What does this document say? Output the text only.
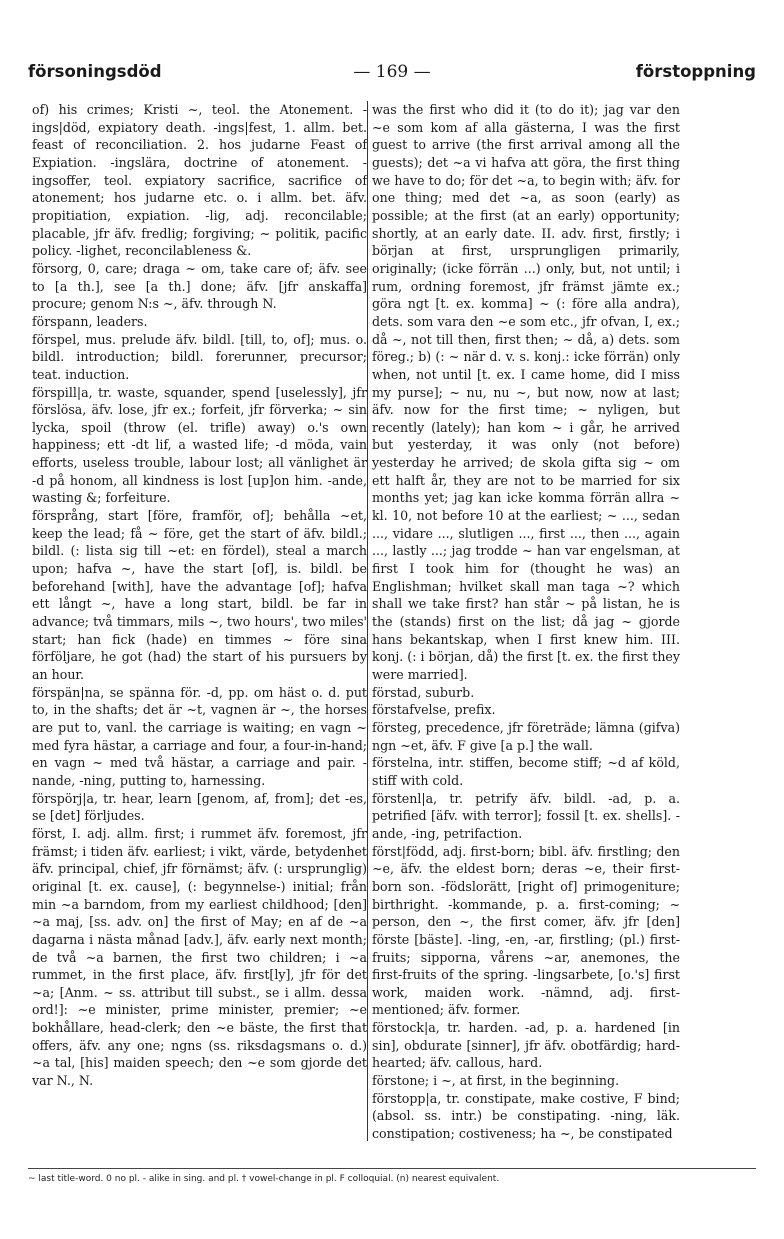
försoningsdöd	— 169 —	förstoppning

of) his crimes; Kristi ~, teol. the Atonement. -ings|död, expiatory death. -ings|fest, 1. allm. bet. feast of reconciliation. 2. hos judarne Feast of Expiation. -ingslära, doctrine of atonement. -ingsoffer, teol. expiatory sacrifice, sacrifice of atonement; hos judarne etc. o. i allm. bet. äfv. propitiation, expiation. -lig, adj. reconcilable; placable, jfr äfv. fredlig; forgiving; ~ politik, pacific policy. -lighet, reconcilableness &.

försorg, 0, care; draga ~ om, take care of; äfv. see to [a th.], see [a th.] done; äfv. [jfr anskaffa] procure; genom N:s ~, äfv. through N.

förspann, leaders.

förspel, mus. prelude äfv. bildl. [till, to, of]; mus. o. bildl. introduction; bildl. forerunner, precursor; teat. induction.

förspill|a, tr. waste, squander, spend [uselessly], jfr förslösa, äfv. lose, jfr ex.; forfeit, jfr förverka; ~ sin lycka, spoil (throw (el. trifle) away) o.'s own happiness; ett -dt lif, a wasted life; -d möda, vain efforts, useless trouble, labour lost; all vänlighet är -d på honom, all kindness is lost [up]on him. -ande, wasting &; forfeiture.

försprång, start [före, framför, of]; behålla ~et, keep the lead; få ~ före, get the start of äfv. bildl.; bildl. (: lista sig till ~et: en fördel), steal a march upon; hafva ~, have the start [of], is. bildl. be beforehand [with], have the advantage [of]; hafva ett långt ~, have a long start, bildl. be far in advance; två timmars, mils ~, two hours', two miles' start; han fick (hade) en timmes ~ före sina förföljare, he got (had) the start of his pursuers by an hour.

förspän|na, se spänna för. -d, pp. om häst o. d. put to, in the shafts; det är ~t, vagnen är ~, the horses are put to, vanl. the carriage is waiting; en vagn ~ med fyra hästar, a carriage and four, a four-in-hand; en vagn ~ med två hästar, a carriage and pair. -nande, -ning, putting to, harnessing.

förspörj|a, tr. hear, learn [genom, af, from]; det -es, se [det] förljudes.

först, I. adj. allm. first; i rummet äfv. foremost, jfr främst; i tiden äfv. earliest; i vikt, värde, betydenhet äfv. principal, chief, jfr förnämst; äfv. (: ursprunglig) original [t. ex. cause], (: begynnelse-) initial; från min ~a barndom, from my earliest childhood; [den] ~a maj, [ss. adv. on] the first of May; en af de ~a dagarna i nästa månad [adv.], äfv. early next month; de två ~a barnen, the first two children; i ~a rummet, in the first place, äfv. first[ly], jfr för det ~a; [Anm. ~ ss. attribut till subst., se i allm. dessa ord!]: ~e minister, prime minister, premier; ~e bokhållare, head-clerk; den ~e bäste, the first that offers, äfv. any one; ngns (ss. riksdagsmans o. d.) ~a tal, [his] maiden speech; den ~e som gjorde det var N., N.

was the first who did it (to do it); jag var den ~e som kom af alla gästerna, I was the first guest to arrive (the first arrival among all the guests); det ~a vi hafva att göra, the first thing we have to do; för det ~a, to begin with; äfv. for one thing; med det ~a, as soon (early) as possible; at the first (at an early) opportunity; shortly, at an early date. II. adv. first, firstly; i början at first, ursprungligen primarily, originally; (icke förrän ...) only, but, not until; i rum, ordning foremost, jfr främst jämte ex.; göra ngt [t. ex. komma] ~ (: före alla andra), dets. som vara den ~e som etc., jfr ofvan, I, ex.; då ~, not till then, first then; ~ då, a) dets. som föreg.; b) (: ~ när d. v. s. konj.: icke förrän) only when, not until [t. ex. I came home, did I miss my purse]; ~ nu, nu ~, but now, now at last; äfv. now for the first time; ~ nyligen, but recently (lately); han kom ~ i går, he arrived but yesterday, it was only (not before) yesterday he arrived; de skola gifta sig ~ om ett halft år, they are not to be married for six months yet; jag kan icke komma förrän allra ~ kl. 10, not before 10 at the earliest; ~ ..., sedan ..., vidare ..., slutligen ..., first ..., then ..., again ..., lastly ...; jag trodde ~ han var engelsman, at first I took him for (thought he was) an Englishman; hvilket skall man taga ~? which shall we take first? han står ~ på listan, he is the (stands) first on the list; då jag ~ gjorde hans bekantskap, when I first knew him. III. konj. (: i början, då) the first [t. ex. the first they were married].

förstad, suburb.

förstafvelse, prefix.

försteg, precedence, jfr företräde; lämna (gifva) ngn ~et, äfv. F give [a p.] the wall.

förstelna, intr. stiffen, become stiff; ~d af köld, stiff with cold.

förstenl|a, tr. petrify äfv. bildl. -ad, p. a. petrified [äfv. with terror]; fossil [t. ex. shells]. -ande, -ing, petrifaction.

först|född, adj. first-born; bibl. äfv. firstling; den ~e, äfv. the eldest born; deras ~e, their first-born son. -födslorätt, [right of] primogeniture; birthright. -kommande, p. a. first-coming; ~ person, den ~, the first comer, äfv. jfr [den] förste [bäste]. -ling, -en, -ar, firstling; (pl.) first-fruits; sipporna, vårens ~ar, anemones, the first-fruits of the spring. -lingsarbete, [o.'s] first work, maiden work. -nämnd, adj. first-mentioned; äfv. former.

förstock|a, tr. harden. -ad, p. a. hardened [in sin], obdurate [sinner], jfr äfv. obotfärdig; hard-hearted; äfv. callous, hard.

förstone; i ~, at first, in the beginning.

förstopp|a, tr. constipate, make costive, F bind; (absol. ss. intr.) be constipating. -ning, läk. constipation; costiveness; ha ~, be constipated

~ last title-word. 0 no pl. - alike in sing. and pl. † vowel-change in pl. F colloquial. (n) nearest equivalent.
